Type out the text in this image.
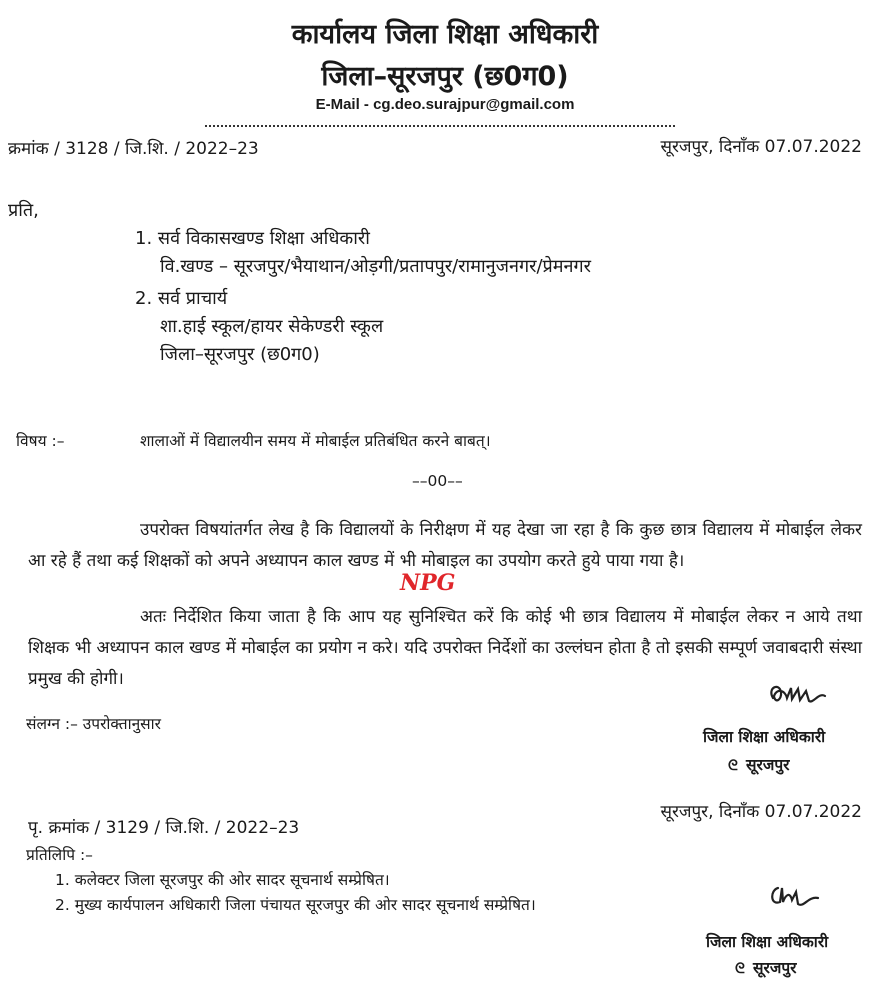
कार्यालय जिला शिक्षा अधिकारी
जिला–सूरजपुर (छ0ग0)
E-Mail - cg.deo.surajpur@gmail.com
क्रमांक / 3128 / जि.शि. / 2022–23	सूरजपुर, दिनाँक 07.07.2022
प्रति,
1. सर्व विकासखण्ड शिक्षा अधिकारी
वि.खण्ड – सूरजपुर/भैयाथान/ओड़गी/प्रतापपुर/रामानुजनगर/प्रेमनगर
2. सर्व प्राचार्य
शा.हाई स्कूल/हायर सेकेण्डरी स्कूल
जिला–सूरजपुर (छ0ग0)
विषय :–	शालाओं में विद्यालयीन समय में मोबाईल प्रतिबंधित करने बाबत्।
––00––
उपरोक्त विषयांतर्गत लेख है कि विद्यालयों के निरीक्षण में यह देखा जा रहा है कि कुछ छात्र विद्यालय में मोबाईल लेकर आ रहे हैं तथा कई शिक्षकों को अपने अध्यापन काल खण्ड में भी मोबाइल का उपयोग करते हुये पाया गया है।
NPG
अतः निर्देशित किया जाता है कि आप यह सुनिश्चित करें कि कोई भी छात्र विद्यालय में मोबाईल लेकर न आये तथा शिक्षक भी अध्यापन काल खण्ड में मोबाईल का प्रयोग न करे। यदि उपरोक्त निर्देशों का उल्लंघन होता है तो इसकी सम्पूर्ण जवाबदारी संस्था प्रमुख की होगी।
संलग्न :– उपरोक्तानुसार
जिला शिक्षा अधिकारी
ᘓ सूरजपुर
सूरजपुर, दिनाँक 07.07.2022
पृ. क्रमांक / 3129 / जि.शि. / 2022–23
प्रतिलिपि :–
1. कलेक्टर जिला सूरजपुर की ओर सादर सूचनार्थ सम्प्रेषित।
2. मुख्य कार्यपालन अधिकारी जिला पंचायत सूरजपुर की ओर सादर सूचनार्थ सम्प्रेषित।
जिला शिक्षा अधिकारी
ᘓ सूरजपुर
